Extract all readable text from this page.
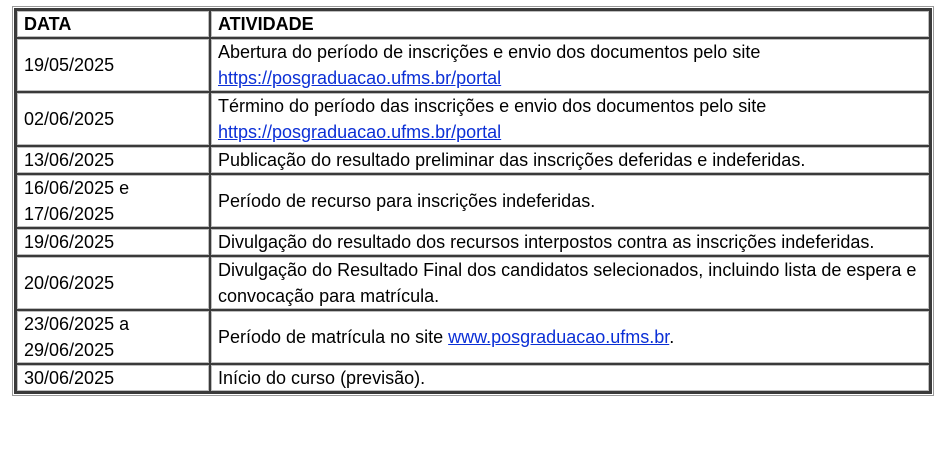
DATA	ATIVIDADE
19/05/2025	Abertura do período de inscrições e envio dos documentos pelo site
https://posgraduacao.ufms.br/portal
02/06/2025	Término do período das inscrições e envio dos documentos pelo site
https://posgraduacao.ufms.br/portal
13/06/2025	Publicação do resultado preliminar das inscrições deferidas e indeferidas.
16/06/2025 e 17/06/2025	Período de recurso para inscrições indeferidas.
19/06/2025	Divulgação do resultado dos recursos interpostos contra as inscrições indeferidas.
20/06/2025	Divulgação do Resultado Final dos candidatos selecionados, incluindo lista de espera e convocação para matrícula.
23/06/2025 a 29/06/2025	Período de matrícula no site www.posgraduacao.ufms.br.
30/06/2025	Início do curso (previsão).
